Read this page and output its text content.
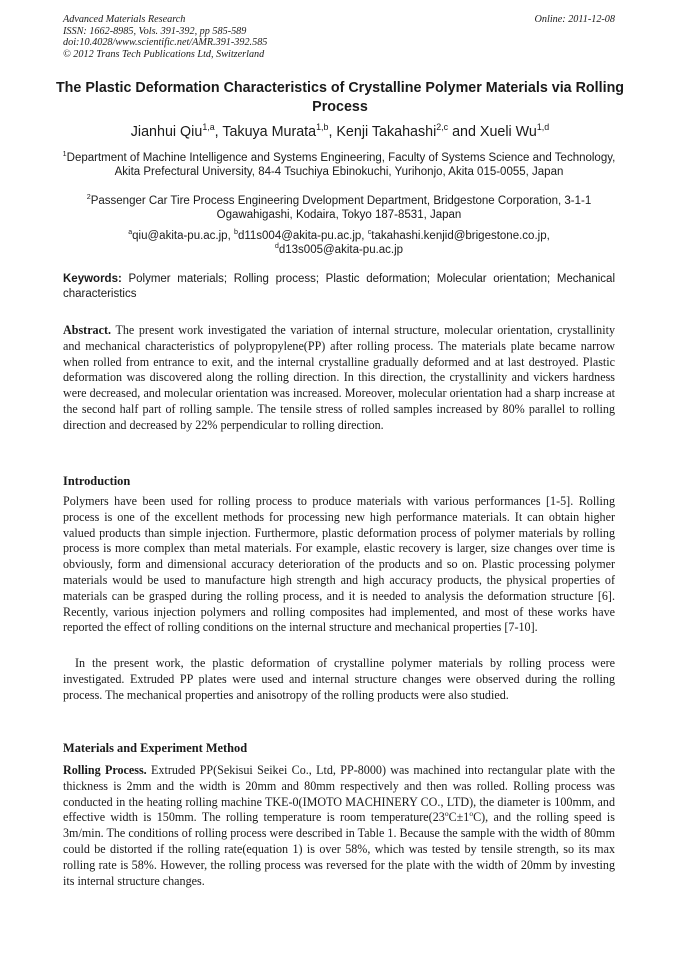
Advanced Materials Research
ISSN: 1662-8985, Vols. 391-392, pp 585-589
doi:10.4028/www.scientific.net/AMR.391-392.585
© 2012 Trans Tech Publications Ltd, Switzerland
Online: 2011-12-08
The Plastic Deformation Characteristics of Crystalline Polymer Materials via Rolling Process
Jianhui Qiu$^{1,a}$, Takuya Murata$^{1,b}$, Kenji Takahashi$^{2,c}$ and Xueli Wu$^{1,d}$
$^1$Department of Machine Intelligence and Systems Engineering, Faculty of Systems Science and Technology, Akita Prefectural University, 84-4 Tsuchiya Ebinokuchi, Yurihonjo, Akita 015-0055, Japan
$^2$Passenger Car Tire Process Engineering Dvelopment Department, Bridgestone Corporation, 3-1-1 Ogawahigashi, Kodaira, Tokyo 187-8531, Japan
$^a$qiu@akita-pu.ac.jp, $^b$d11s004@akita-pu.ac.jp, $^c$takahashi.kenjid@brigestone.co.jp,
$^d$d13s005@akita-pu.ac.jp
Keywords: Polymer materials; Rolling process; Plastic deformation; Molecular orientation; Mechanical characteristics
Abstract. The present work investigated the variation of internal structure, molecular orientation, crystallinity and mechanical characteristics of polypropylene(PP) after rolling process. The materials plate became narrow when rolled from entrance to exit, and the internal crystalline gradually deformed and at last destroyed. Plastic deformation was discovered along the rolling direction. In this direction, the crystallinity and vickers hardness were decreased, and molecular orientation was increased. Moreover, molecular orientation had a sharp increase at the second half part of rolling sample. The tensile stress of rolled samples increased by 80% parallel to rolling direction and decreased by 22% perpendicular to rolling direction.
Introduction
Polymers have been used for rolling process to produce materials with various performances [1-5]. Rolling process is one of the excellent methods for processing new high performance materials. It can obtain higher valued products than simple injection. Furthermore, plastic deformation process of polymer materials by rolling process is more complex than metal materials. For example, elastic recovery is larger, size changes over time is obviously, form and dimensional accuracy deterioration of the products and so on. Plastic processing polymer materials would be used to manufacture high strength and high accuracy products, the physical properties of materials can be grasped during the rolling process, and it is needed to analysis the deformation structure [6]. Recently, various injection polymers and rolling composites had implemented, and most of these works have reported the effect of rolling conditions on the internal structure and mechanical properties [7-10].
In the present work, the plastic deformation of crystalline polymer materials by rolling process were investigated. Extruded PP plates were used and internal structure changes were observed during the rolling process. The mechanical properties and anisotropy of the rolling products were also studied.
Materials and Experiment Method
Rolling Process. Extruded PP(Sekisui Seikei Co., Ltd, PP-8000) was machined into rectangular plate with the thickness is 2mm and the width is 20mm and 80mm respectively and then was rolled. Rolling process was conducted in the heating rolling machine TKE-0(IMOTO MACHINERY CO., LTD), the diameter is 100mm, and effective width is 150mm. The rolling temperature is room $temperature(23^oC\pm 1^oC)$, and the rolling speed is 3m/min. The conditions of rolling process were described in Table 1. Because the sample with the width of 80mm could be distorted if the rolling rate(equation 1) is over 58%, which was tested by tensile strength, so its max rolling rate is 58%. However, the rolling process was reversed for the plate with the width of 20mm by investing its internal structure changes.
